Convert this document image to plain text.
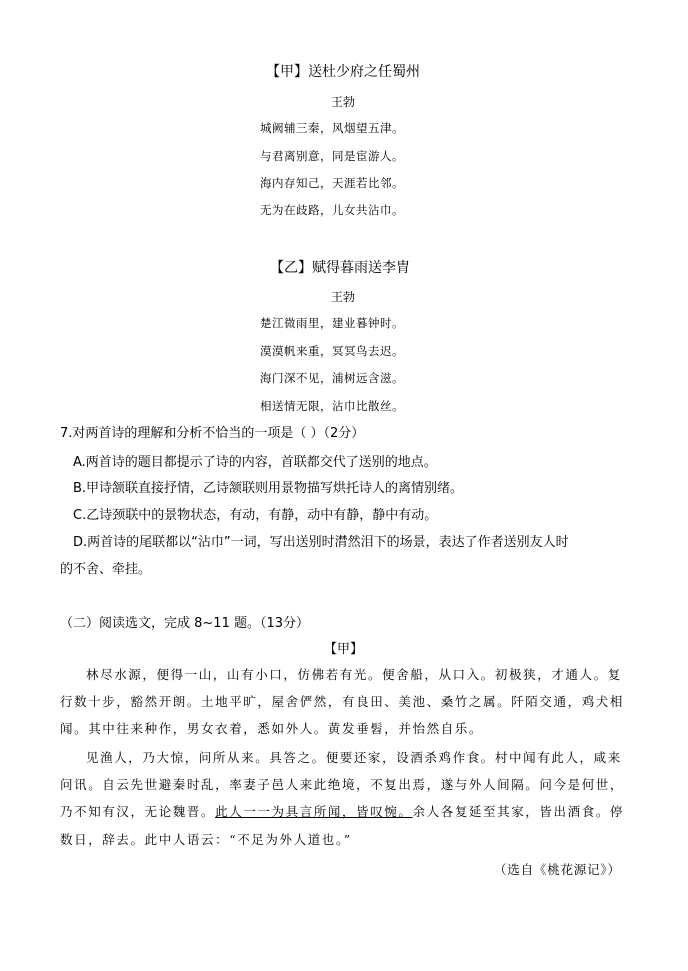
【甲】送杜少府之任蜀州
王勃
城阙辅三秦，风烟望五津。
与君离别意，同是宦游人。
海内存知己，天涯若比邻。
无为在歧路，儿女共沾巾。
【乙】赋得暮雨送李胄
王勃
楚江微雨里，建业暮钟时。
漠漠帆来重，冥冥鸟去迟。
海门深不见，浦树远含滋。
相送情无限，沾巾比散丝。
7.对两首诗的理解和分析不恰当的一项是（ ）（2分）
A.两首诗的题目都提示了诗的内容，首联都交代了送别的地点。
B.甲诗颔联直接抒情，乙诗颔联则用景物描写烘托诗人的离情别绪。
C.乙诗颈联中的景物状态，有动，有静，动中有静，静中有动。
D.两首诗的尾联都以“沾巾”一词，写出送别时潸然泪下的场景，表达了作者送别友人时
的不舍、牵挂。
（二）阅读选文，完成 8~11 题。（13分）
【甲】
林尽水源，便得一山，山有小口，仿佛若有光。便舍船，从口入。初极狭，才通人。复
行数十步，豁然开朗。土地平旷，屋舍俨然，有良田、美池、桑竹之属。阡陌交通，鸡犬相
闻。其中往来种作，男女衣着，悉如外人。黄发垂髫，并怡然自乐。
见渔人，乃大惊，问所从来。具答之。便要还家，设酒杀鸡作食。村中闻有此人，咸来
问讯。自云先世避秦时乱，率妻子邑人来此绝境，不复出焉，遂与外人间隔。问今是何世，
乃不知有汉，无论魏晋。此人一一为具言所闻，皆叹惋。余人各复延至其家，皆出酒食。停
数日，辞去。此中人语云：“不足为外人道也。”
（选自《桃花源记》）
